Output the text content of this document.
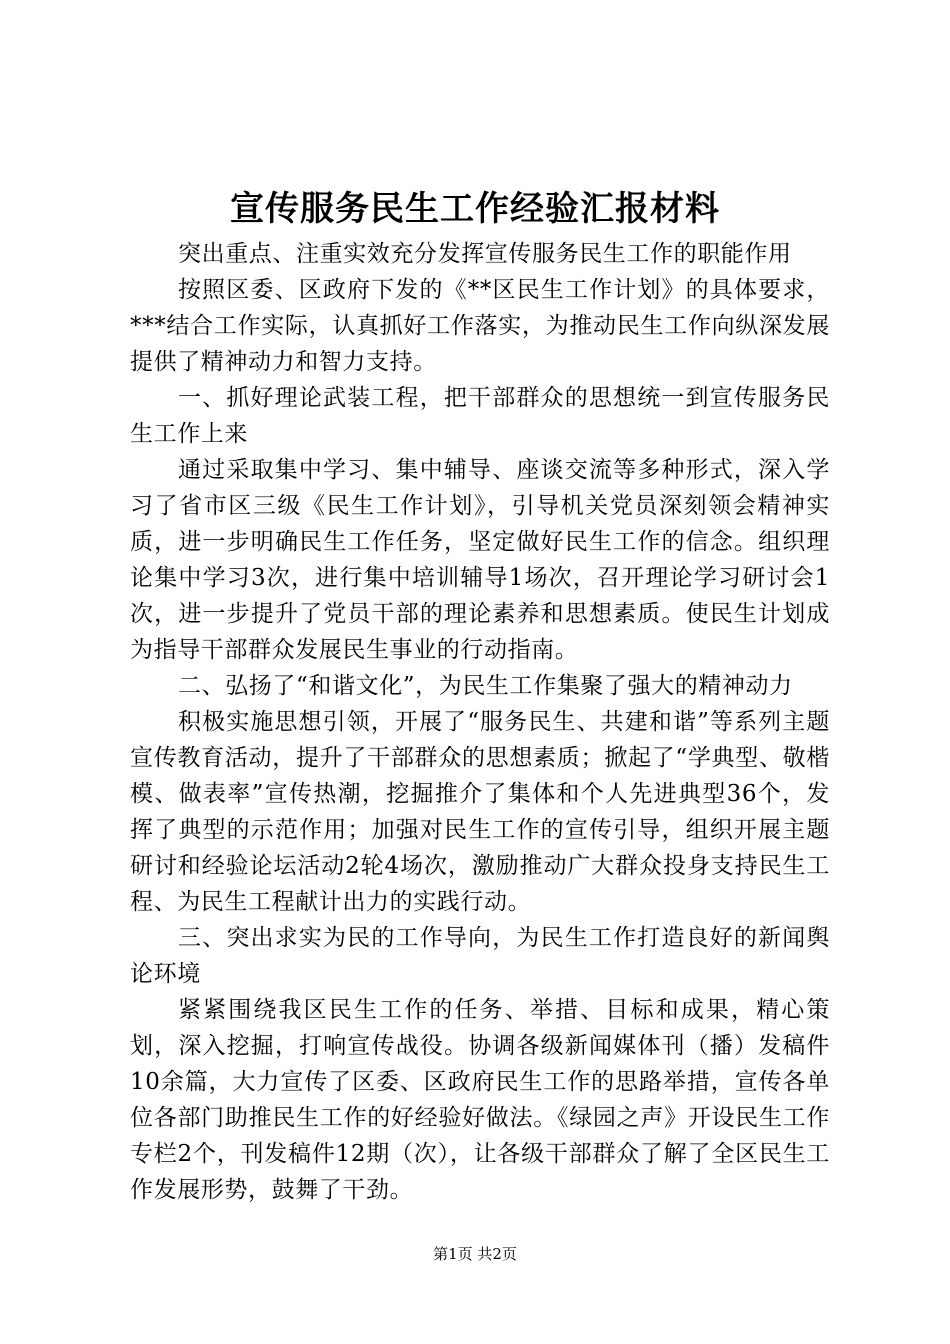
宣传服务民生工作经验汇报材料

突出重点、注重实效充分发挥宣传服务民生工作的职能作用

按照区委、区政府下发的《**区民生工作计划》的具体要求，***结合工作实际，认真抓好工作落实，为推动民生工作向纵深发展提供了精神动力和智力支持。

一、抓好理论武装工程，把干部群众的思想统一到宣传服务民生工作上来

通过采取集中学习、集中辅导、座谈交流等多种形式，深入学习了省市区三级《民生工作计划》，引导机关党员深刻领会精神实质，进一步明确民生工作任务，坚定做好民生工作的信念。组织理论集中学习3次，进行集中培训辅导1场次，召开理论学习研讨会1次，进一步提升了党员干部的理论素养和思想素质。使民生计划成为指导干部群众发展民生事业的行动指南。

二、弘扬了“和谐文化”，为民生工作集聚了强大的精神动力

积极实施思想引领，开展了“服务民生、共建和谐”等系列主题宣传教育活动，提升了干部群众的思想素质；掀起了“学典型、敬楷模、做表率”宣传热潮，挖掘推介了集体和个人先进典型36个，发挥了典型的示范作用；加强对民生工作的宣传引导，组织开展主题研讨和经验论坛活动2轮4场次，激励推动广大群众投身支持民生工程、为民生工程献计出力的实践行动。

三、突出求实为民的工作导向，为民生工作打造良好的新闻舆论环境

紧紧围绕我区民生工作的任务、举措、目标和成果，精心策划，深入挖掘，打响宣传战役。协调各级新闻媒体刊（播）发稿件10余篇，大力宣传了区委、区政府民生工作的思路举措，宣传各单位各部门助推民生工作的好经验好做法。《绿园之声》开设民生工作专栏2个，刊发稿件12期（次），让各级干部群众了解了全区民生工作发展形势，鼓舞了干劲。

第1页 共2页
